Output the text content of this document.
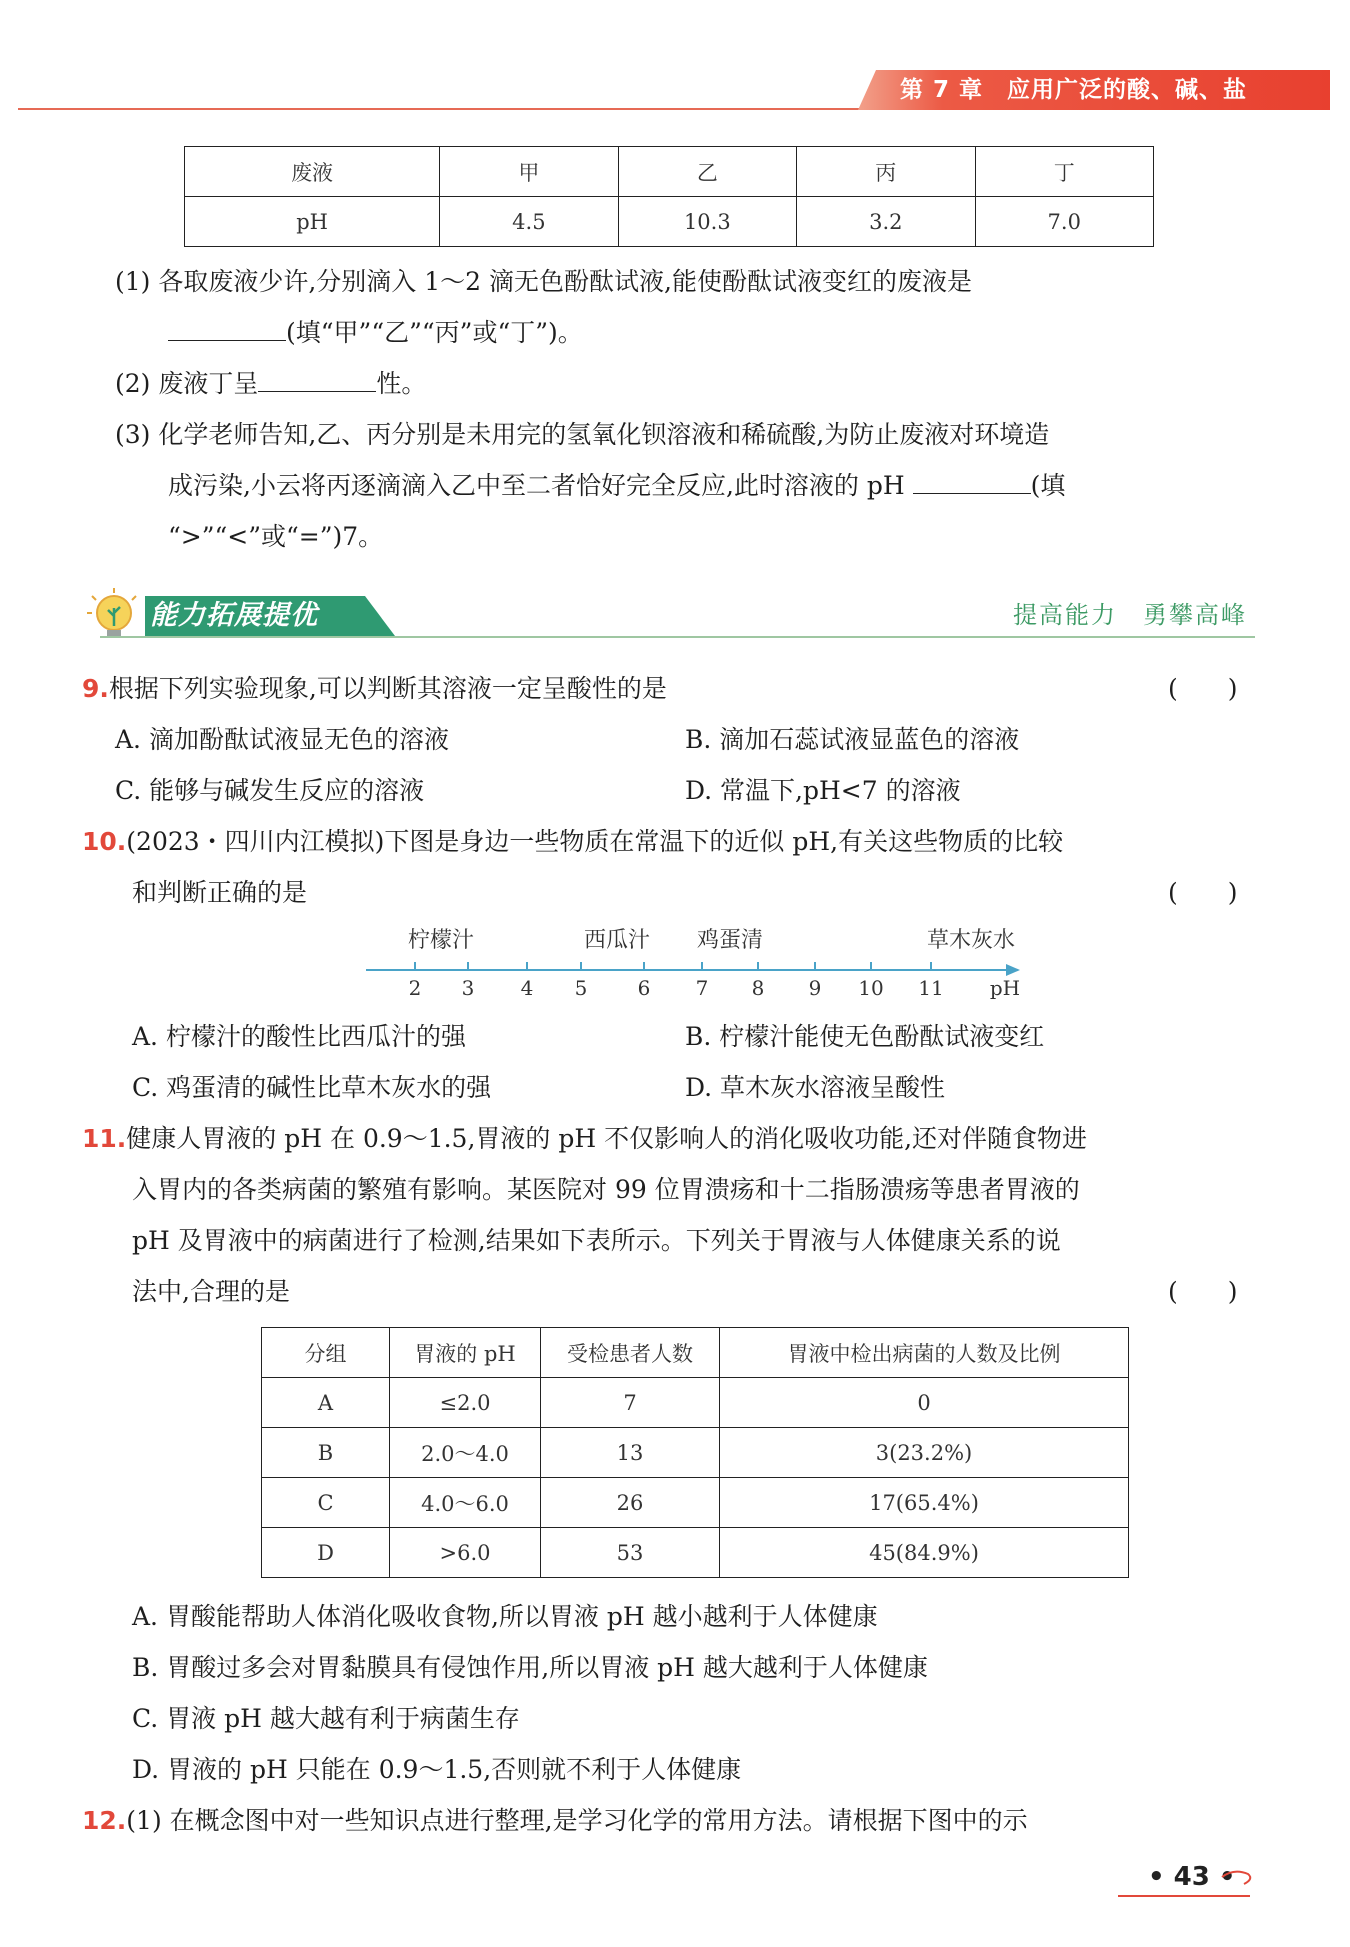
第 7 章　应用广泛的酸、碱、盐
废液	甲	乙	丙	丁
pH	4.5	10.3	3.2	7.0
(1) 各取废液少许,分别滴入 1～2 滴无色酚酞试液,能使酚酞试液变红的废液是
(填“甲”“乙”“丙”或“丁”)。
(2) 废液丁呈	性。
(3) 化学老师告知,乙、丙分别是未用完的氢氧化钡溶液和稀硫酸,为防止废液对环境造
成污染,小云将丙逐滴滴入乙中至二者恰好完全反应,此时溶液的 pH	(填
“>”“<”或“=”)7。
能力拓展提优	提高能力　勇攀高峰
9.根据下列实验现象,可以判断其溶液一定呈酸性的是	(　　)
A. 滴加酚酞试液显无色的溶液	B. 滴加石蕊试液显蓝色的溶液
C. 能够与碱发生反应的溶液	D. 常温下,pH<7 的溶液
10.(2023・四川内江模拟)下图是身边一些物质在常温下的近似 pH,有关这些物质的比较
和判断正确的是	(　　)
柠檬汁	西瓜汁 鸡蛋清	草木灰水
2 3 4 5	6 7 8 9 10 11 pH
A. 柠檬汁的酸性比西瓜汁的强	B. 柠檬汁能使无色酚酞试液变红
C. 鸡蛋清的碱性比草木灰水的强	D. 草木灰水溶液呈酸性
11.健康人胃液的 pH 在 0.9～1.5,胃液的 pH 不仅影响人的消化吸收功能,还对伴随食物进
入胃内的各类病菌的繁殖有影响。某医院对 99 位胃溃疡和十二指肠溃疡等患者胃液的
pH 及胃液中的病菌进行了检测,结果如下表所示。下列关于胃液与人体健康关系的说
法中,合理的是	(　　)
分组	胃液的 pH	受检患者人数	胃液中检出病菌的人数及比例
A	≤2.0	7	0
B	2.0～4.0	13	3(23.2%)
C	4.0～6.0	26	17(65.4%)
D	>6.0	53	45(84.9%)
A. 胃酸能帮助人体消化吸收食物,所以胃液 pH 越小越利于人体健康
B. 胃酸过多会对胃黏膜具有侵蚀作用,所以胃液 pH 越大越利于人体健康
C. 胃液 pH 越大越有利于病菌生存
D. 胃液的 pH 只能在 0.9～1.5,否则就不利于人体健康
12.(1) 在概念图中对一些知识点进行整理,是学习化学的常用方法。请根据下图中的示
• 43 •
